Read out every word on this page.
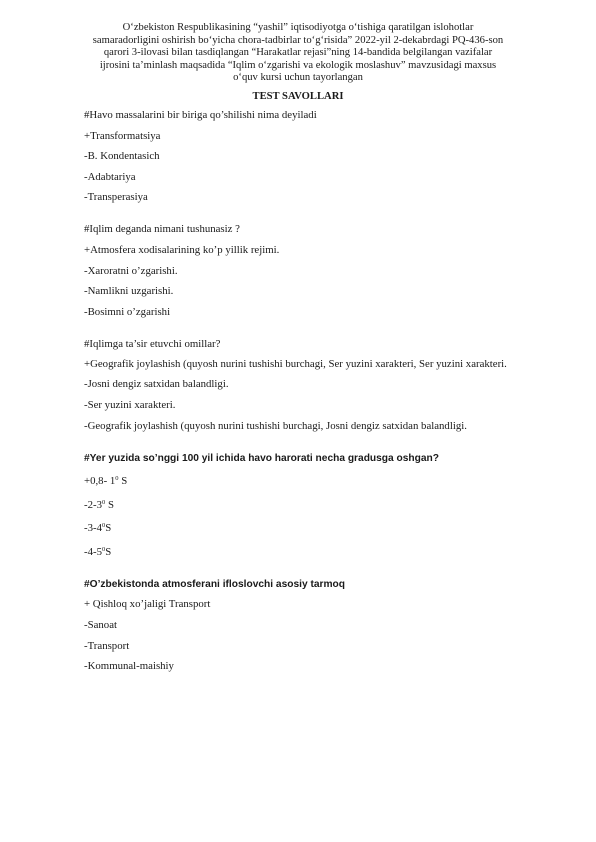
O‘zbekiston Respublikasining “yashil” iqtisodiyotga o‘tishiga qaratilgan islohotlar
samaradorligini oshirish bo‘yicha chora-tadbirlar to‘g‘risida” 2022-yil 2-dekabrdagi PQ-436-son
qarori 3-ilovasi bilan tasdiqlangan “Harakatlar rejasi”ning 14-bandida belgilangan vazifalar
ijrosini ta’minlash maqsadida “Iqlim o‘zgarishi va ekologik moslashuv” mavzusidagi maxsus
o‘quv kursi uchun tayorlangan
TEST SAVOLLARI
#Havo massalarini bir biriga qo’shilishi nima deyiladi
+Transformatsiya
-B. Kondentasich
-Adabtariya
-Transperasiya
#Iqlim deganda nimani tushunasiz ?
+Atmosfera xodisalarining ko’p yillik rejimi.
-Xaroratni o’zgarishi.
-Namlikni uzgarishi.
-Bosimni o’zgarishi
#Iqlimga ta’sir etuvchi omillar?
+Geografik joylashish (quyosh nurini tushishi burchagi, Ser yuzini xarakteri, Ser yuzini xarakteri.
-Josni dengiz satxidan balandligi.
-Ser yuzini xarakteri.
-Geografik joylashish (quyosh nurini tushishi burchagi, Josni dengiz satxidan balandligi.
#Yer yuzida so’nggi 100 yil ichida havo harorati necha gradusga oshgan?
+0,8- $1^0$ S
$-2-3^0$ S
$-3-4^0S$
$-4-5^0S$
#O’zbekistonda atmosferani ifloslovchi asosiy tarmoq
+ Qishloq xo’jaligi Transport
-Sanoat
-Transport
-Kommunal-maishiy
